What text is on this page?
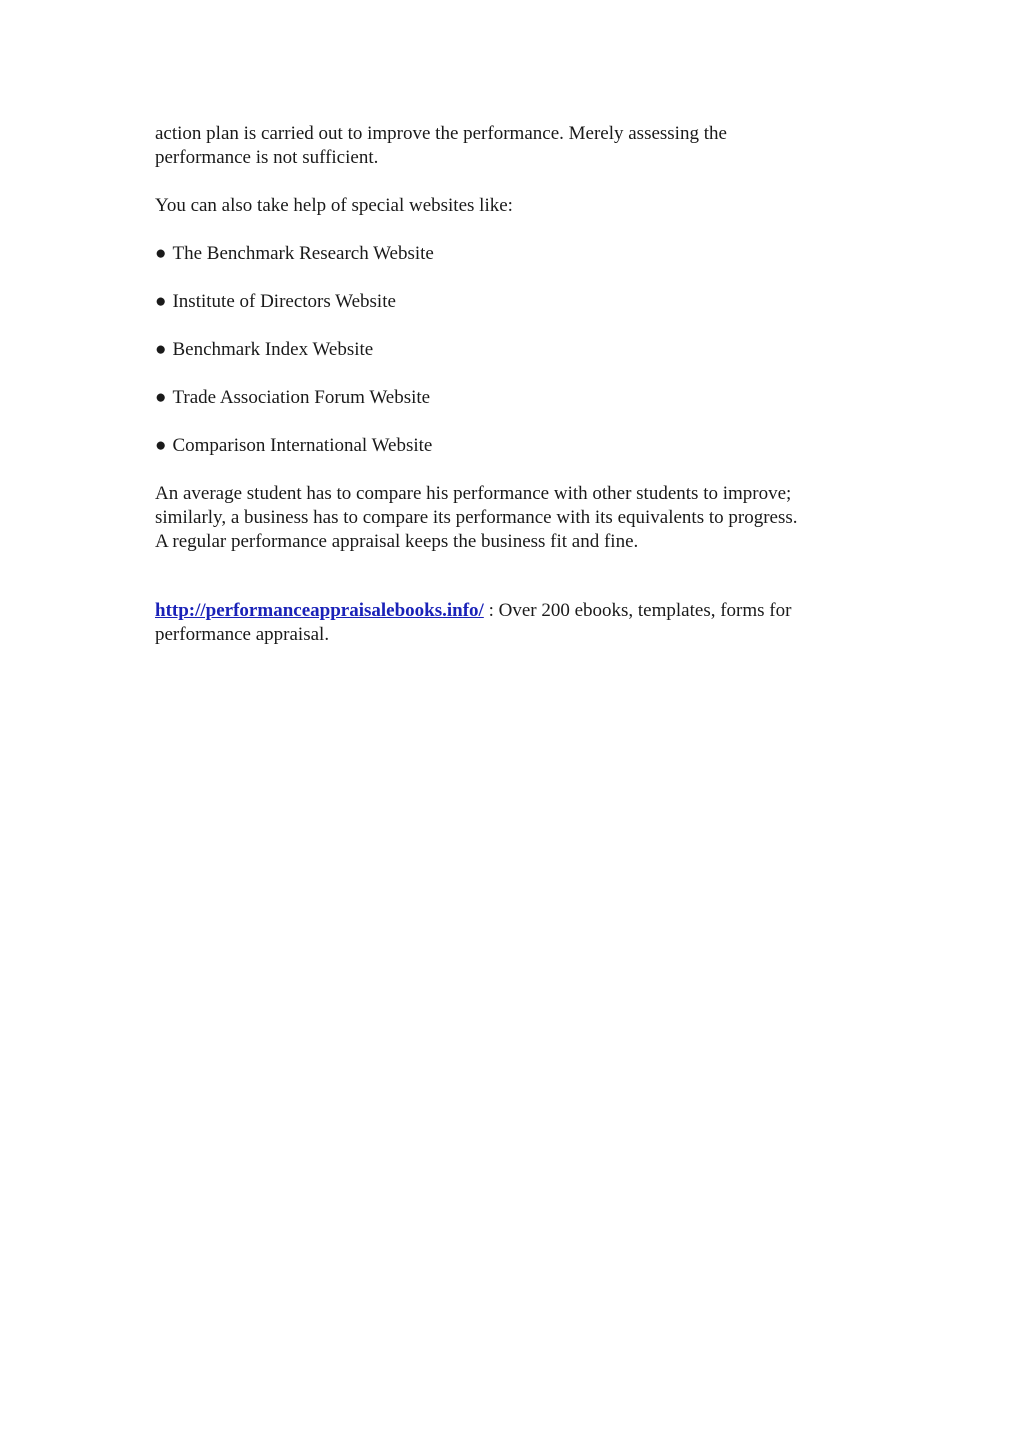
action plan is carried out to improve the performance. Merely assessing the
performance is not sufficient.

You can also take help of special websites like:

● The Benchmark Research Website
● Institute of Directors Website
● Benchmark Index Website
● Trade Association Forum Website
● Comparison International Website

An average student has to compare his performance with other students to improve;
similarly, a business has to compare its performance with its equivalents to progress.
A regular performance appraisal keeps the business fit and fine.

http://performanceappraisalebooks.info/ : Over 200 ebooks, templates, forms for
performance appraisal.
